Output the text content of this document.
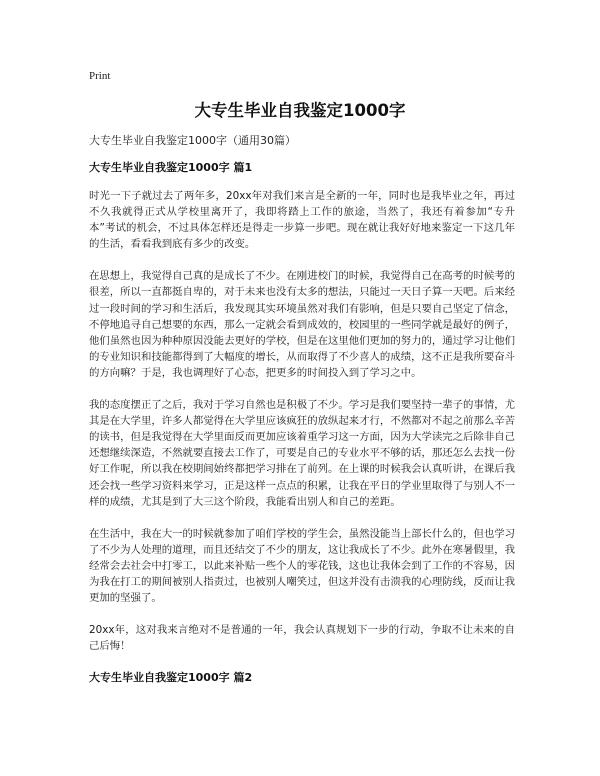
Print
大专生毕业自我鉴定1000字

大专生毕业自我鉴定1000字（通用30篇）

大专生毕业自我鉴定1000字 篇1

时光一下子就过去了两年多，20xx年对我们来言是全新的一年，同时也是我毕业之年，再过不久我就得正式从学校里离开了，我即将踏上工作的旅途，当然了，我还有着参加“专升本”考试的机会，不过具体怎样还是得走一步算一步吧。现在就让我好好地来鉴定一下这几年的生活，看看我到底有多少的改变。

在思想上，我觉得自己真的是成长了不少。在刚进校门的时候，我觉得自己在高考的时候考的很差，所以一直都挺自卑的，对于未来也没有太多的想法，只能过一天日子算一天吧。后来经过一段时间的学习和生活后，我发现其实环境虽然对我们有影响，但是只要自己坚定了信念，不停地追寻自己想要的东西，那么一定就会看到成效的，校园里的一些同学就是最好的例子，他们虽然也因为种种原因没能去更好的学校，但是在这里他们更加的努力的，通过学习让他们的专业知识和技能都得到了大幅度的增长，从而取得了不少喜人的成绩，这不正是我所要奋斗的方向嘛？于是，我也调理好了心态，把更多的时间投入到了学习之中。

我的态度摆正了之后，我对于学习自然也是积极了不少。学习是我们要坚持一辈子的事情，尤其是在大学里，许多人都觉得在大学里应该疯狂的放纵起来才行，不然都对不起之前那么辛苦的读书，但是我觉得在大学里面反而更加应该着重学习这一方面，因为大学读完之后除非自己还想继续深造，不然就要直接去工作了，可要是自己的专业水平不够的话，那还怎么去找一份好工作呢，所以我在校期间始终都把学习排在了前列。在上课的时候我会认真听讲，在课后我还会找一些学习资料来学习，正是这样一点点的积累，让我在平日的学业里取得了与别人不一样的成绩，尤其是到了大三这个阶段，我能看出别人和自己的差距。

在生活中，我在大一的时候就参加了咱们学校的学生会，虽然没能当上部长什么的，但也学习了不少为人处理的道理，而且还结交了不少的朋友，这让我成长了不少。此外在寒暑假里，我经常会去社会中打零工，以此来补贴一些个人的零花钱，这也让我体会到了工作的不容易，因为我在打工的期间被别人指责过，也被别人嘲笑过，但这并没有击溃我的心理防线，反而让我更加的坚强了。

20xx年，这对我来言绝对不是普通的一年，我会认真规划下一步的行动，争取不让未来的自己后悔！

大专生毕业自我鉴定1000字 篇2
